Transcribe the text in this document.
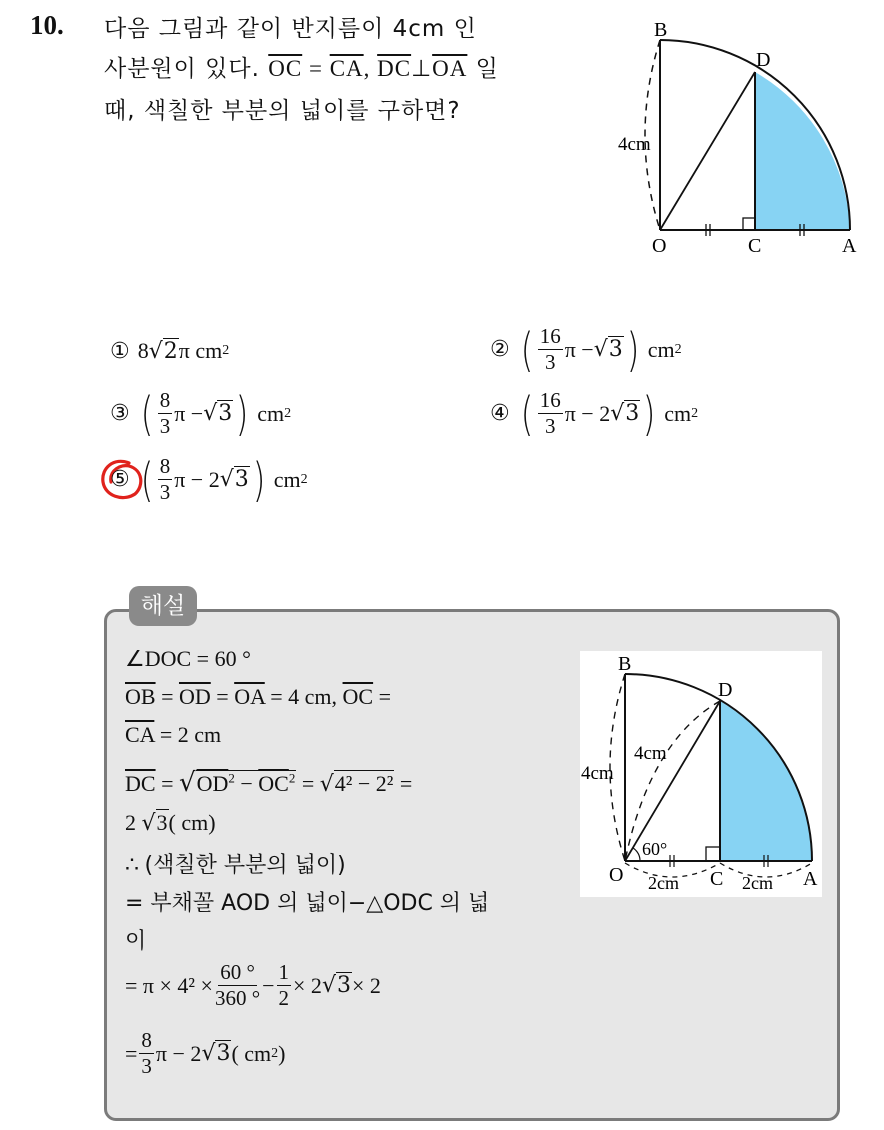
10. 다음 그림과 같이 반지름이 4cm 인
사분원이 있다. $\overline{OC} = \overline{CA}$, $\overline{DC}\perp\overline{OA}$ 일
때, 색칠한 부분의 넓이를 구하면?
B
D
O	C	A
4cm
① 8 √2 π cm 2	② ( $\frac{16}{3}$ π − √3 ) cm 2
③ ( $\frac{8}{3}$ π − √3 ) cm 2	④ ( $\frac{16}{3}$ π − 2 √3 ) cm 2
⑤ ( $\frac{8}{3}$ π − 2 √3 ) cm 2
해설
∠DOC = 60 °
$\overline{OB} = \overline{OD} = \overline{OA} = 4$ cm, $\overline{OC}$ =
$\overline{CA} = 2$ cm
$\overline{DC} = √OD^2 - \overline{OC}^2 = √4^2 - 2^2$ =
2 √3( cm)
∴ (색칠한 부분의 넓이)
= 부채꼴 AOD 의 넓이−△ODC 의 넓
이
= $\pi \times 4^2 \times \frac{60 ^\circ}{360 ^\circ} - \frac{1}{2} \times 2$ √3 × 2
= $\frac{8}{3}$ π − 2 √3 ( cm 2 )
B
D
O	C	A
4cm
4cm
60°
2cm	2cm
